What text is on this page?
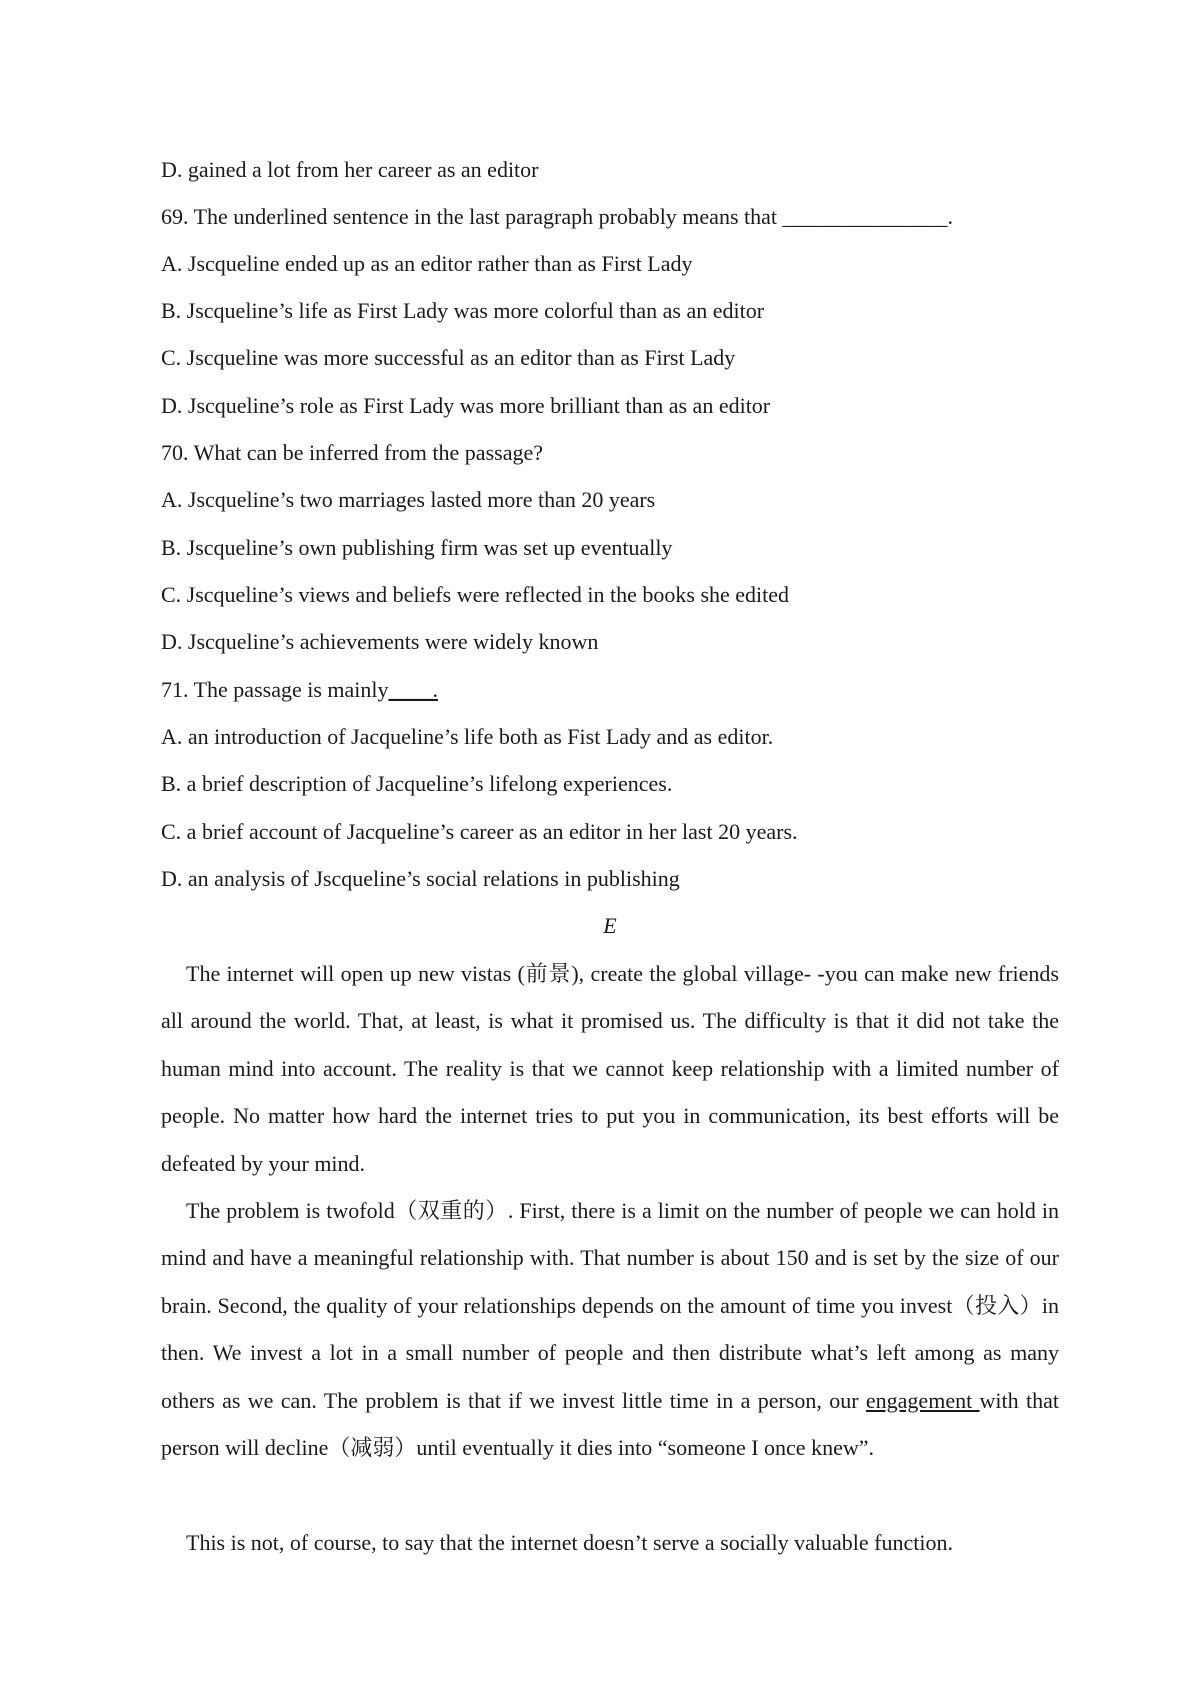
D. gained a lot from her career as an editor
69. The underlined sentence in the last paragraph probably means that _______________.
A. Jscqueline ended up as an editor rather than as First Lady
B. Jscqueline’s life as First Lady was more colorful than as an editor
C. Jscqueline was more successful as an editor than as First Lady
D. Jscqueline’s role as First Lady was more brilliant than as an editor
70. What can be inferred from the passage?
A. Jscqueline’s two marriages lasted more than 20 years
B. Jscqueline’s own publishing firm was set up eventually
C. Jscqueline’s views and beliefs were reflected in the books she edited
D. Jscqueline’s achievements were widely known
71. The passage is mainly____.
A. an introduction of Jacqueline’s life both as Fist Lady and as editor.
B. a brief description of Jacqueline’s lifelong experiences.
C. a brief account of Jacqueline’s career as an editor in her last 20 years.
D. an analysis of Jscqueline’s social relations in publishing
E
The internet will open up new vistas (前景), create the global village- -you can make new friends all around the world. That, at least, is what it promised us. The difficulty is that it did not take the human mind into account. The reality is that we cannot keep relationship with a limited number of people. No matter how hard the internet tries to put you in communication, its best efforts will be defeated by your mind.
The problem is twofold（双重的）. First, there is a limit on the number of people we can hold in mind and have a meaningful relationship with. That number is about 150 and is set by the size of our brain. Second, the quality of your relationships depends on the amount of time you invest（投入）in then. We invest a lot in a small number of people and then distribute what’s left among as many others as we can. The problem is that if we invest little time in a person, our engagement with that person will decline（减弱）until eventually it dies into “someone I once knew”.
This is not, of course, to say that the internet doesn’t serve a socially valuable function.
